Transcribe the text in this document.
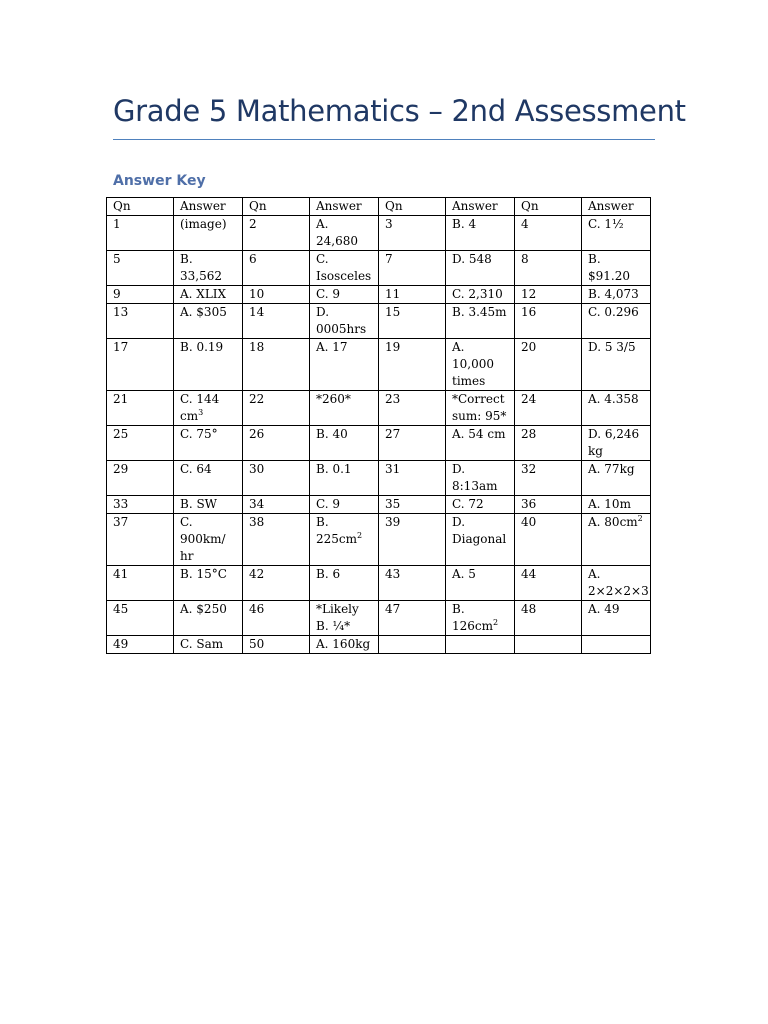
Grade 5 Mathematics – 2nd Assessment
Answer Key
Qn	Answer	Qn	Answer	Qn	Answer	Qn	Answer
1	(image)	2	A. 24,680	3	B. 4	4	C. 1½
5	B. 33,562	6	C. Isosceles	7	D. 548	8	B. $91.20
9	A. XLIX	10	C. 9	11	C. 2,310	12	B. 4,073
13	A. $305	14	D. 0005hrs	15	B. 3.45m	16	C. 0.296
17	B. 0.19	18	A. 17	19	A. 10,000 times	20	D. 5 3/5
21	C. 144 $cm^3$	22	*260*	23	*Correct sum: 95*	24	A. 4.358
25	C. 75°	26	B. 40	27	A. 54 cm	28	D. 6,246 kg
29	C. 64	30	B. 0.1	31	D. 8:13am	32	A. 77kg
33	B. SW	34	C. 9	35	C. 72	36	A. 10m
37	C. 900km/ hr	38	B. $225cm^2$	39	D. Diagonal	40	A. $80cm^2$
41	B. 15°C	42	B. 6	43	A. 5	44	A. 2×2×2×3
45	A. $250	46	*Likely B. ¼*	47	B. $126cm^2$	48	A. 49
49	C. Sam	50	A. 160kg				
